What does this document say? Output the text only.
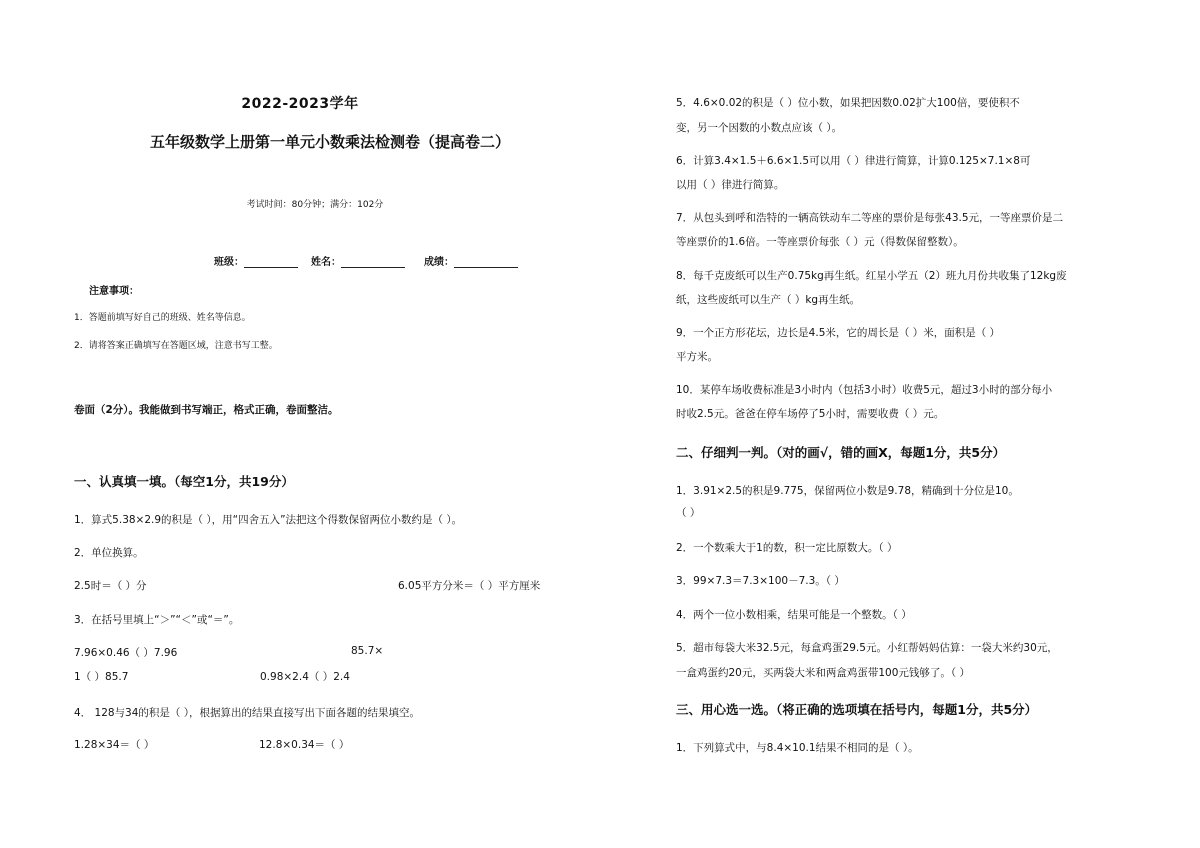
2022-2023学年
五年级数学上册第一单元小数乘法检测卷（提高卷二）
考试时间：80分钟；满分：102分
班级：	姓名：	成绩：
注意事项：
1．答题前填写好自己的班级、姓名等信息。
2．请将答案正确填写在答题区域，注意书写工整。
卷面（2分）。我能做到书写端正，格式正确，卷面整洁。
一、认真填一填。（每空1分，共19分）
1．算式5.38×2.9的积是（ ），用“四舍五入”法把这个得数保留两位小数约是（ ）。
2．单位换算。
2.5时＝（ ）分	6.05平方分米＝（ ）平方厘米
3．在括号里填上“＞”“＜”或“＝”。
7.96×0.46（ ）7.96	85.7×
1（ ）85.7	0.98×2.4（ ）2.4
4． 128与34的积是（ ），根据算出的结果直接写出下面各题的结果填空。
1.28×34＝（ ）	12.8×0.34＝（ ）
5．4.6×0.02的积是（ ）位小数，如果把因数0.02扩大100倍，要使积不
变，另一个因数的小数点应该（ ）。
6．计算3.4×1.5＋6.6×1.5可以用（ ）律进行简算，计算0.125×7.1×8可
以用（ ）律进行简算。
7．从包头到呼和浩特的一辆高铁动车二等座的票价是每张43.5元，一等座票价是二
等座票价的1.6倍。一等座票价每张（ ）元（得数保留整数）。
8．每千克废纸可以生产0.75kg再生纸。红星小学五（2）班九月份共收集了12kg废
纸，这些废纸可以生产（ ）kg再生纸。
9．一个正方形花坛，边长是4.5米，它的周长是（ ）米，面积是（ ）
平方米。
10．某停车场收费标准是3小时内（包括3小时）收费5元，超过3小时的部分每小
时收2.5元。爸爸在停车场停了5小时，需要收费（ ）元。
二、仔细判一判。（对的画√，错的画X，每题1分，共5分）
1．3.91×2.5的积是9.775，保留两位小数是9.78，精确到十分位是10。
（ ）
2．一个数乘大于1的数，积一定比原数大。（ ）
3．99×7.3＝7.3×100－7.3。（ ）
4．两个一位小数相乘，结果可能是一个整数。（ ）
5．超市每袋大米32.5元，每盒鸡蛋29.5元。小红帮妈妈估算：一袋大米约30元，
一盒鸡蛋约20元，买两袋大米和两盒鸡蛋带100元钱够了。（ ）
三、用心选一选。（将正确的选项填在括号内，每题1分，共5分）
1．下列算式中，与8.4×10.1结果不相同的是（ ）。
